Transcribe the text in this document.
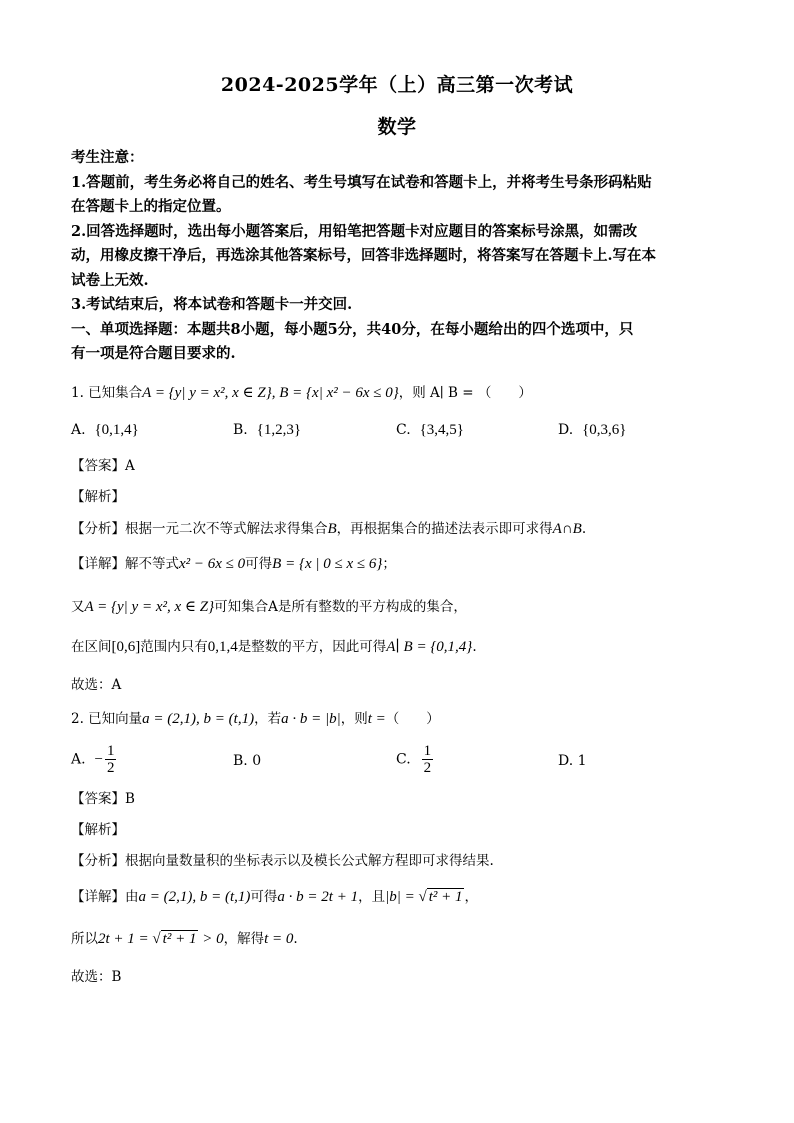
2024-2025学年（上）高三第一次考试
数学
考生注意：
1.答题前，考生务必将自己的姓名、考生号填写在试卷和答题卡上，并将考生号条形码粘贴
在答题卡上的指定位置。
2.回答选择题时，选出每小题答案后，用铅笔把答题卡对应题目的答案标号涂黑，如需改
动，用橡皮擦干净后，再选涂其他答案标号，回答非选择题时，将答案写在答题卡上.写在本
试卷上无效.
3.考试结束后，将本试卷和答题卡一并交回.
一、单项选择题：本题共8小题，每小题5分，共40分，在每小题给出的四个选项中，只
有一项是符合题目要求的.
1. 已知集合A = {y| y = x², x ∈ Z}, B = {x| x² − 6x ≤ 0}，则 A∣ B = （　　）
A. {0,1,4}	B. {1,2,3}	C. {3,4,5}	D. {0,3,6}
【答案】A
【解析】
【分析】根据一元二次不等式解法求得集合B，再根据集合的描述法表示即可求得A∩B.
【详解】解不等式x² − 6x ≤ 0可得B = {x | 0 ≤ x ≤ 6}；
又A = {y| y = x², x ∈ Z}可知集合A是所有整数的平方构成的集合，
在区间[0,6]范围内只有0,1,4是整数的平方，因此可得A∣ B = {0,1,4}.
故选：A
2. 已知向量a = (2,1), b = (t,1)，若a · b = |b|，则t =（　　）
A. − $\frac{1}{2}$	B. 0	C. $\frac{1}{2}$	D. 1
【答案】B
【解析】
【分析】根据向量数量积的坐标表示以及模长公式解方程即可求得结果.
【详解】由a = (2,1), b = (t,1)可得a · b = 2t + 1，且|b| = √ t² + 1 ，
所以2t + 1 = √ t² + 1 > 0，解得t = 0.
故选：B
